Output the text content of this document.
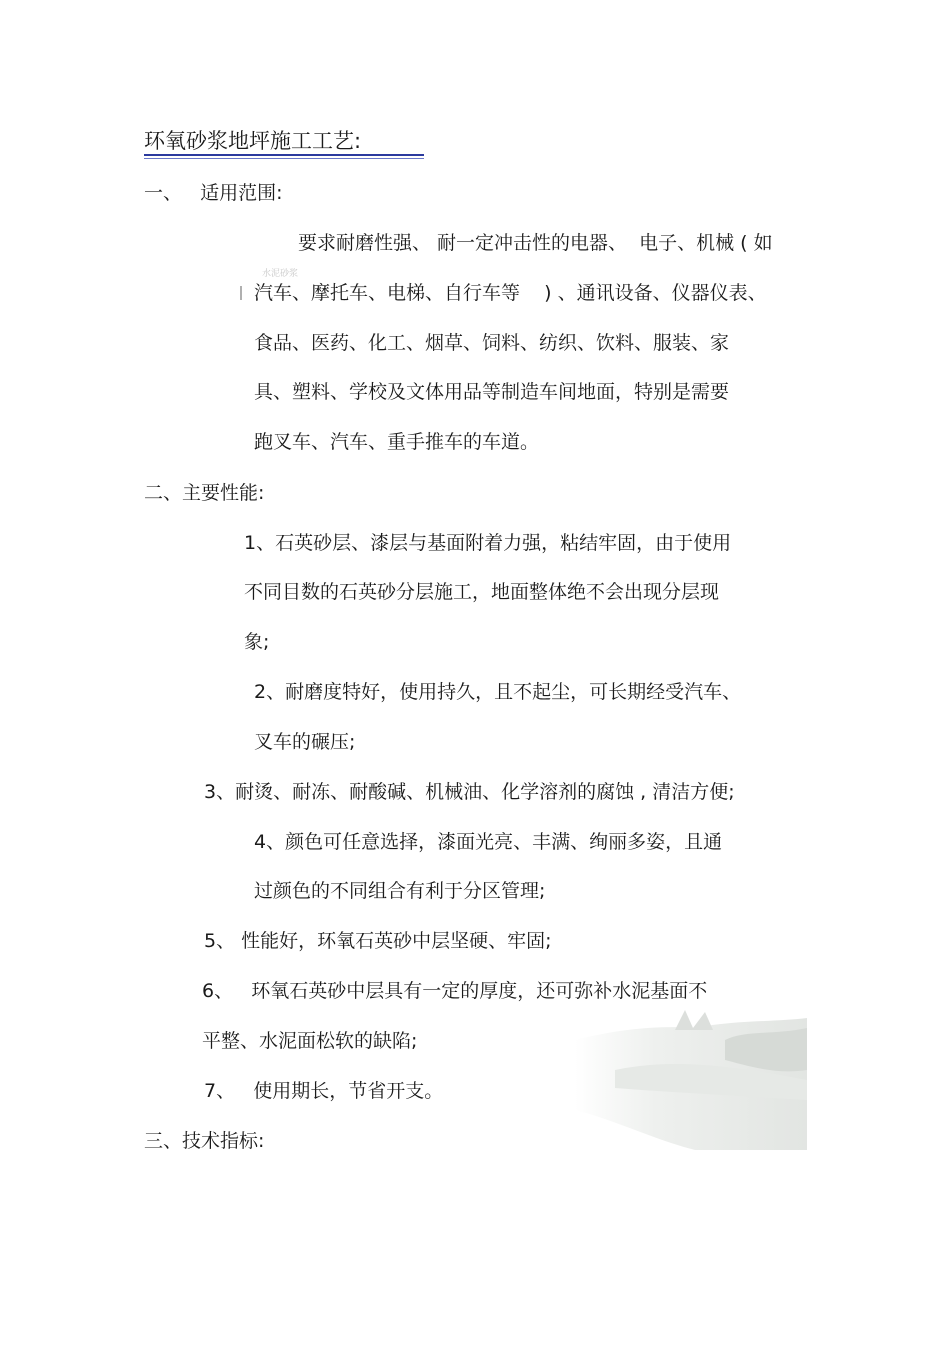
水泥砂浆
环氧砂浆地坪施工工艺:
一、   适用范围:
要求耐磨性强、 耐一定冲击性的电器、  电子、机械 ( 如
汽车、摩托车、电梯、自行车等    ) 、通讯设备、仪器仪表、
食品、医药、化工、烟草、饲料、纺织、饮料、服装、家
具、塑料、学校及文体用品等制造车间地面，特别是需要
跑叉车、汽车、重手推车的车道。
二、主要性能:
1、石英砂层、漆层与基面附着力强，粘结牢固，由于使用
不同目数的石英砂分层施工，地面整体绝不会出现分层现
象;
2、耐磨度特好，使用持久，且不起尘，可长期经受汽车、
叉车的碾压;
3、耐烫、耐冻、耐酸碱、机械油、化学溶剂的腐蚀 , 清洁方便;
4、颜色可任意选择，漆面光亮、丰满、绚丽多姿，且通
过颜色的不同组合有利于分区管理;
5、 性能好，环氧石英砂中层坚硬、牢固;
6、   环氧石英砂中层具有一定的厚度，还可弥补水泥基面不
平整、水泥面松软的缺陷;
7、   使用期长，节省开支。
三、技术指标:
